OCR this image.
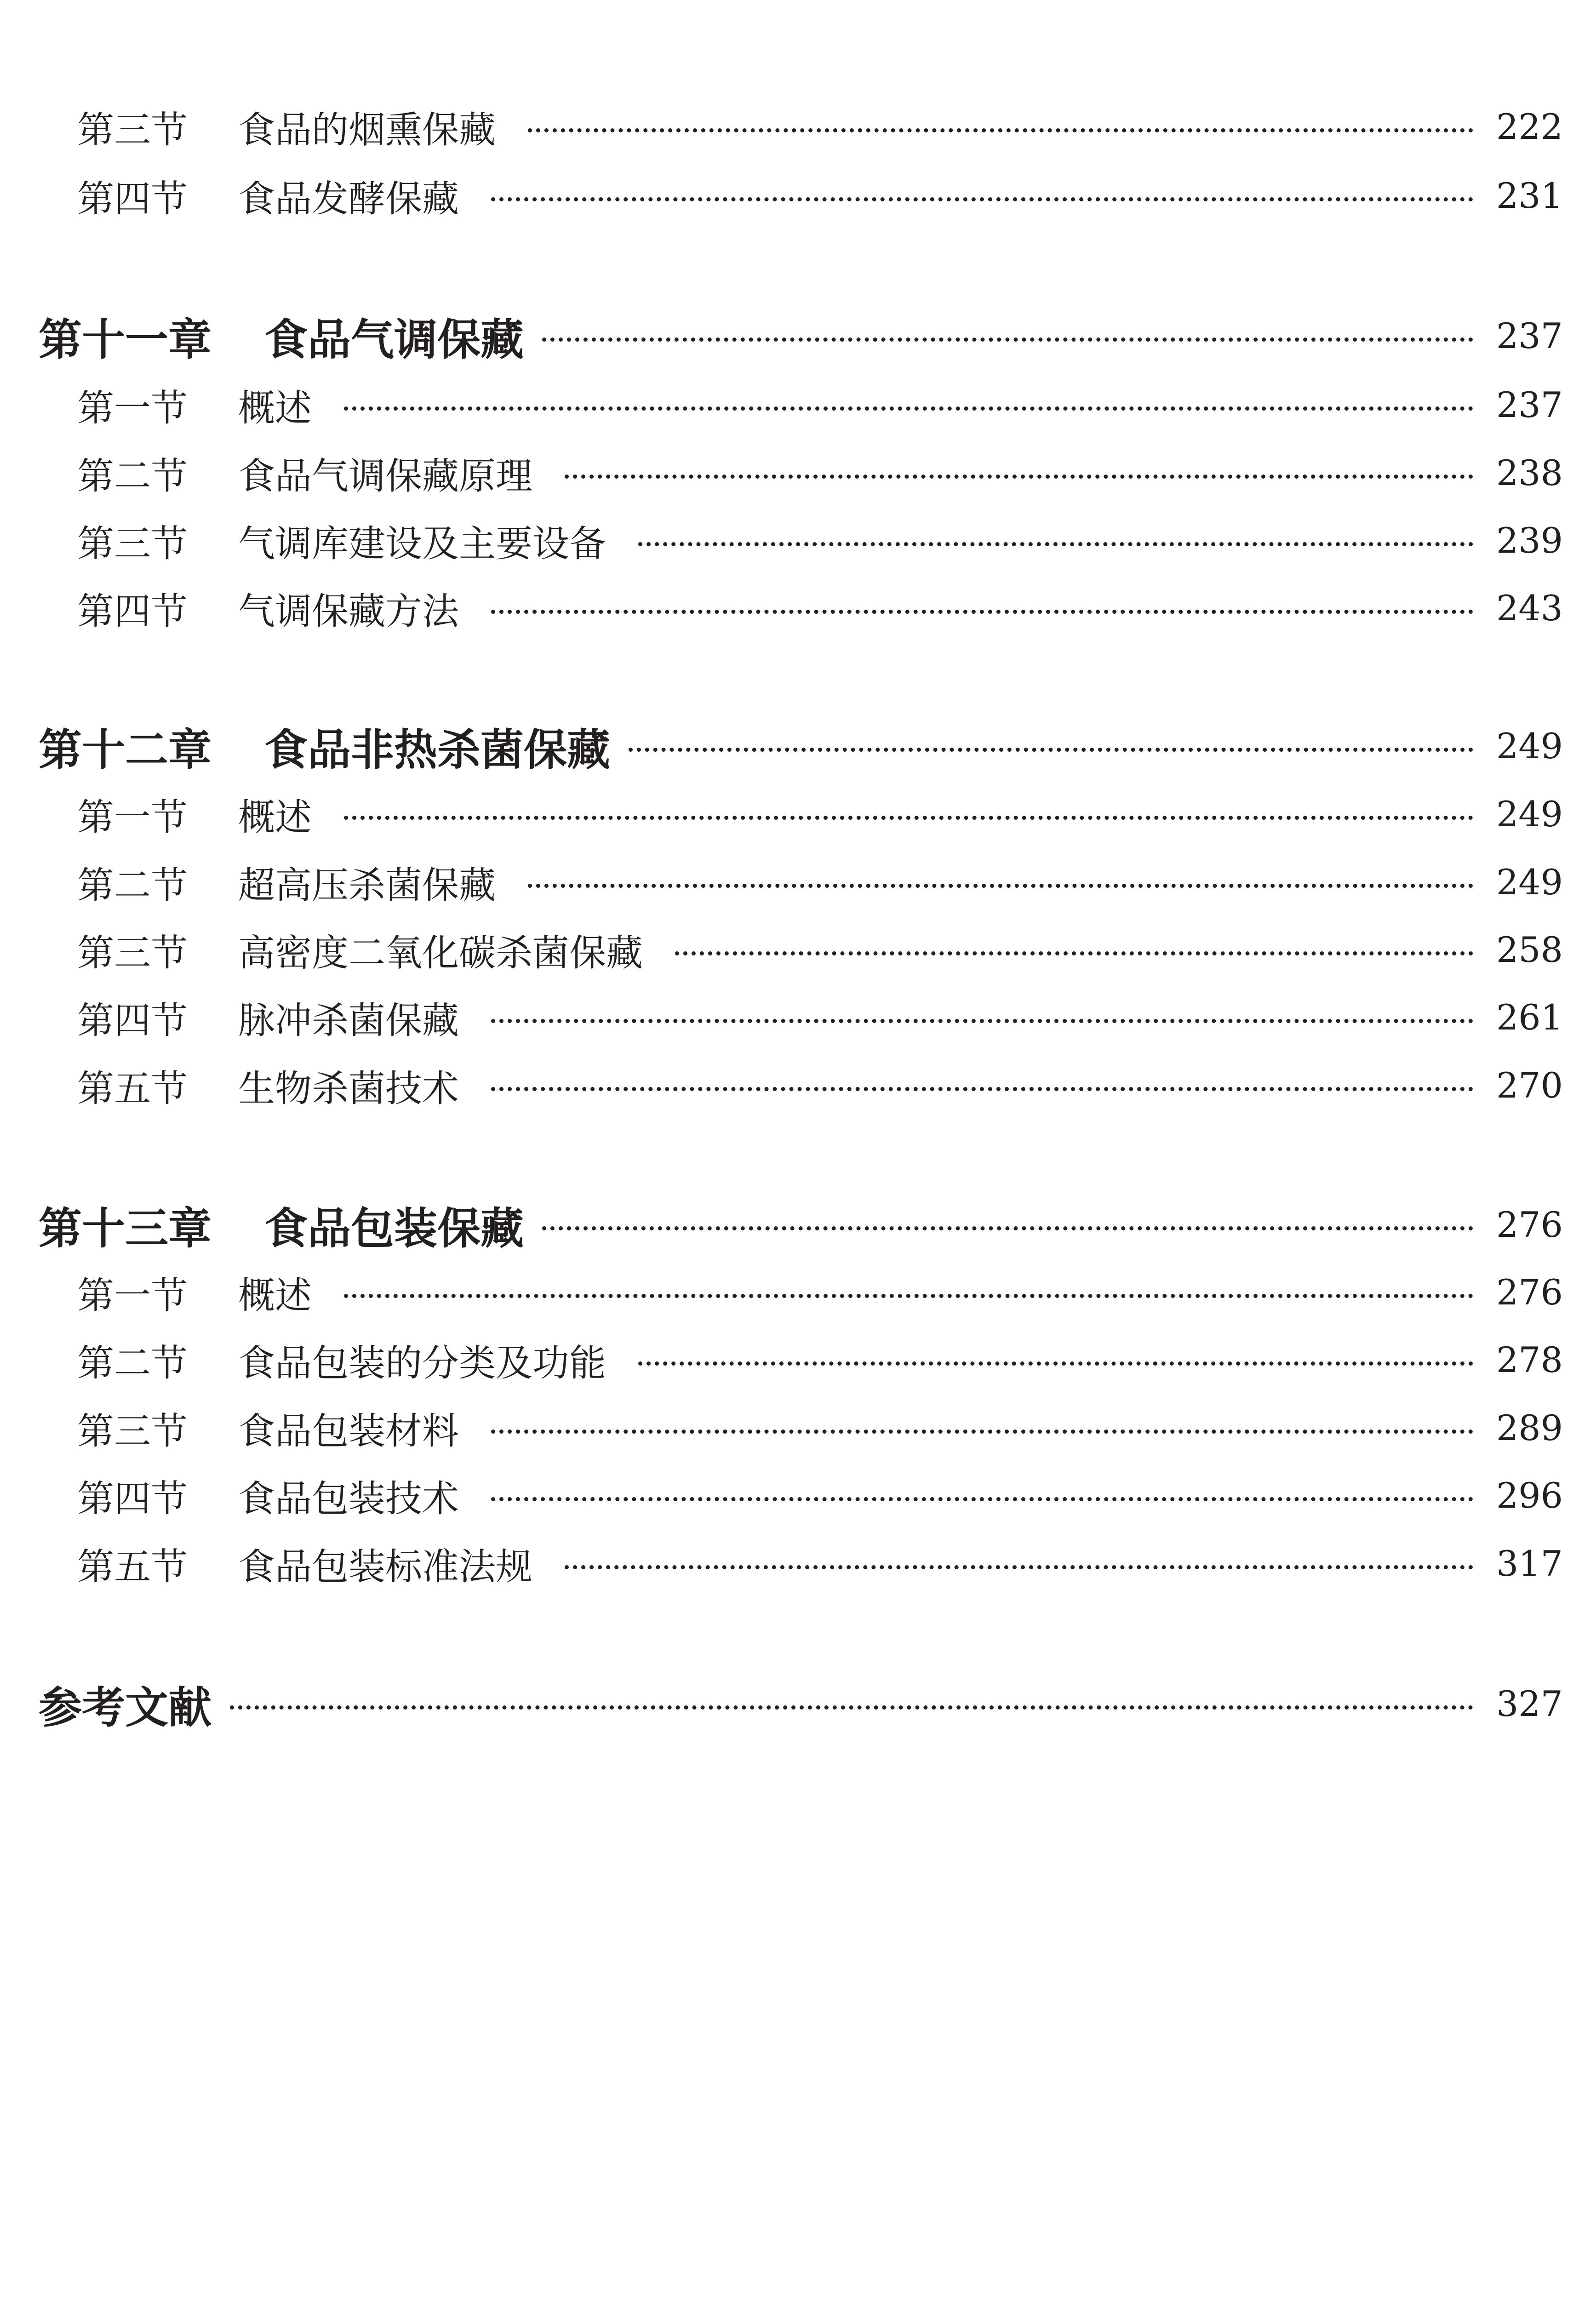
第三节	食品的烟熏保藏	222
第四节	食品发酵保藏	231
第十一章 食品气调保藏	237
第一节	概述	237
第二节	食品气调保藏原理	238
第三节	气调库建设及主要设备	239
第四节	气调保藏方法	243
第十二章 食品非热杀菌保藏	249
第一节	概述	249
第二节	超高压杀菌保藏	249
第三节	高密度二氧化碳杀菌保藏	258
第四节	脉冲杀菌保藏	261
第五节	生物杀菌技术	270
第十三章 食品包装保藏	276
第一节	概述	276
第二节	食品包装的分类及功能	278
第三节	食品包装材料	289
第四节	食品包装技术	296
第五节	食品包装标准法规	317
参考文献	327
